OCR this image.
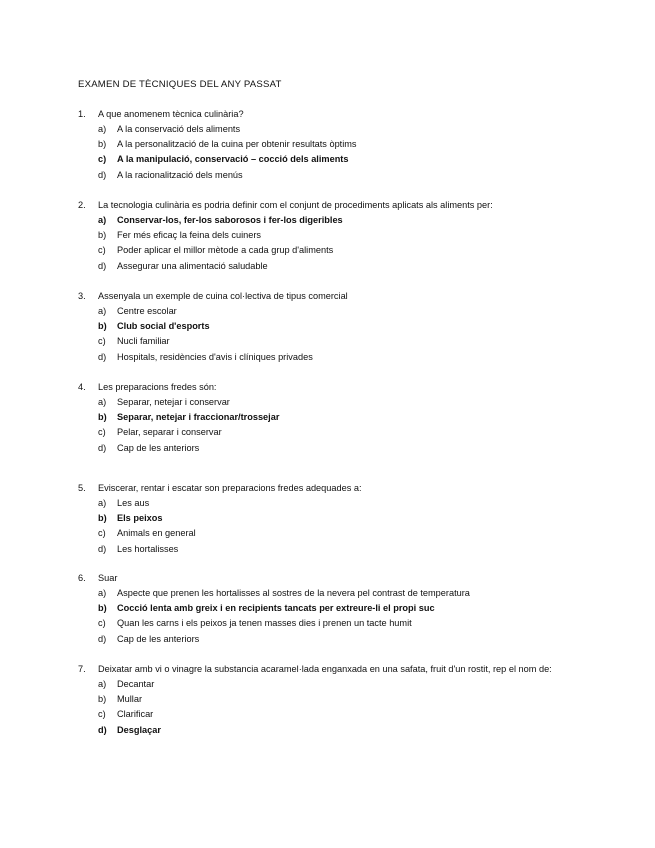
EXAMEN DE TÈCNIQUES DEL ANY PASSAT
1.	A que anomenem tècnica culinària?
a)	A la conservació dels aliments
b)	A la personalització de la cuina per obtenir resultats òptims
c)	A la manipulació, conservació – cocció dels aliments
d)	A la racionalització dels menús
2.	La tecnologia culinària es podria definir com el conjunt de procediments aplicats als aliments per:
a)	Conservar-los, fer-los saborosos i fer-los digeribles
b)	Fer més eficaç la feina dels cuiners
c)	Poder aplicar el millor mètode a cada grup d'aliments
d)	Assegurar una alimentació saludable
3.	Assenyala un exemple de cuina col·lectiva de tipus comercial
a)	Centre escolar
b)	Club social d'esports
c)	Nucli familiar
d)	Hospitals, residències d'avis i clíniques privades
4.	Les preparacions fredes són:
a)	Separar, netejar i conservar
b)	Separar, netejar i fraccionar/trossejar
c)	Pelar, separar i conservar
d)	Cap de les anteriors
5.	Eviscerar, rentar i escatar son preparacions fredes adequades a:
a)	Les aus
b)	Els peixos
c)	Animals en general
d)	Les hortalisses
6.	Suar
a)	Aspecte que prenen les hortalisses al sostres de la nevera pel contrast de temperatura
b)	Cocció lenta amb greix i en recipients tancats per extreure-li el propi suc
c)	Quan les carns i els peixos ja tenen masses dies i prenen un tacte humit
d)	Cap de les anteriors
7.	Deixatar amb vi o vinagre la substancia acaramel·lada enganxada en una safata, fruit d'un rostit, rep el nom de:
a)	Decantar
b)	Mullar
c)	Clarificar
d)	Desglaçar
